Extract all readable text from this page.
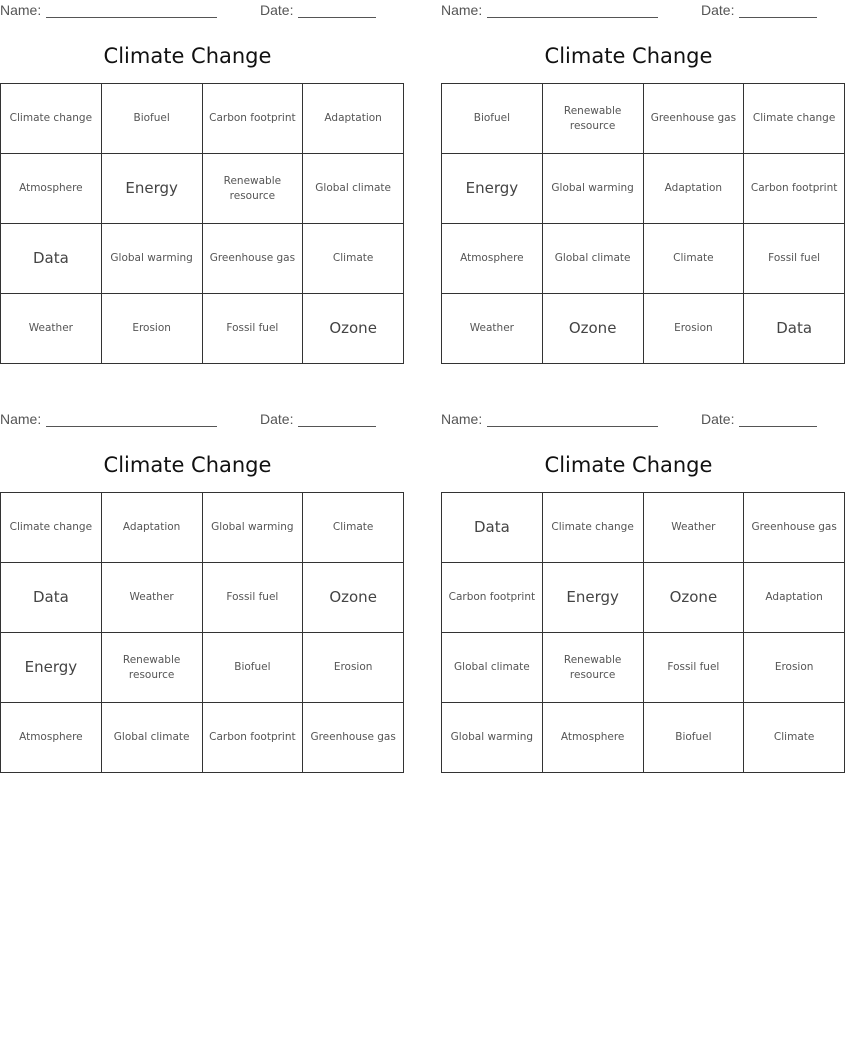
Name:	Date:
Climate Change
Climate change	Biofuel	Carbon footprint	Adaptation
Atmosphere	Energy	Renewable resource	Global climate
Data	Global warming	Greenhouse gas	Climate
Weather	Erosion	Fossil fuel	Ozone
Name:	Date:
Climate Change
Biofuel	Renewable resource	Greenhouse gas	Climate change
Energy	Global warming	Adaptation	Carbon footprint
Atmosphere	Global climate	Climate	Fossil fuel
Weather	Ozone	Erosion	Data
Name:	Date:
Climate Change
Climate change	Adaptation	Global warming	Climate
Data	Weather	Fossil fuel	Ozone
Energy	Renewable resource	Biofuel	Erosion
Atmosphere	Global climate	Carbon footprint	Greenhouse gas
Name:	Date:
Climate Change
Data	Climate change	Weather	Greenhouse gas
Carbon footprint	Energy	Ozone	Adaptation
Global climate	Renewable resource	Fossil fuel	Erosion
Global warming	Atmosphere	Biofuel	Climate
